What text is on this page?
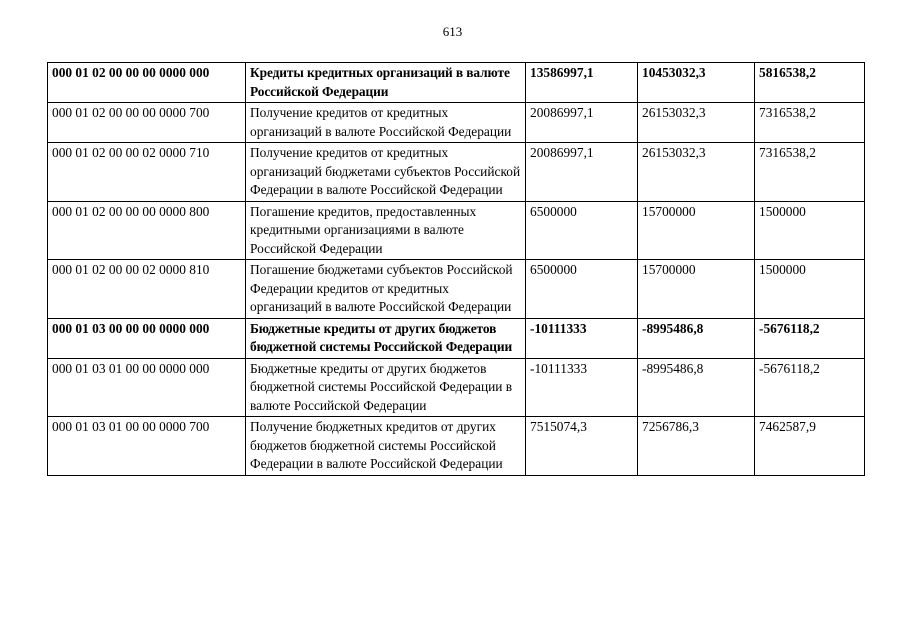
613
000 01 02 00 00 00 0000 000	Кредиты кредитных организаций в валюте Российской Федерации	13586997,1	10453032,3	5816538,2
000 01 02 00 00 00 0000 700	Получение кредитов от кредитных организаций в валюте Российской Федерации	20086997,1	26153032,3	7316538,2
000 01 02 00 00 02 0000 710	Получение кредитов от кредитных организаций бюджетами субъектов Российской Федерации в валюте Российской Федерации	20086997,1	26153032,3	7316538,2
000 01 02 00 00 00 0000 800	Погашение кредитов, предоставленных кредитными организациями в валюте Российской Федерации	6500000	15700000	1500000
000 01 02 00 00 02 0000 810	Погашение бюджетами субъектов Российской Федерации кредитов от кредитных организаций в валюте Российской Федерации	6500000	15700000	1500000
000 01 03 00 00 00 0000 000	Бюджетные кредиты от других бюджетов бюджетной системы Российской Федерации	-10111333	-8995486,8	-5676118,2
000 01 03 01 00 00 0000 000	Бюджетные кредиты от других бюджетов бюджетной системы Российской Федерации в валюте Российской Федерации	-10111333	-8995486,8	-5676118,2
000 01 03 01 00 00 0000 700	Получение бюджетных кредитов от других бюджетов бюджетной системы Российской Федерации в валюте Российской Федерации	7515074,3	7256786,3	7462587,9
